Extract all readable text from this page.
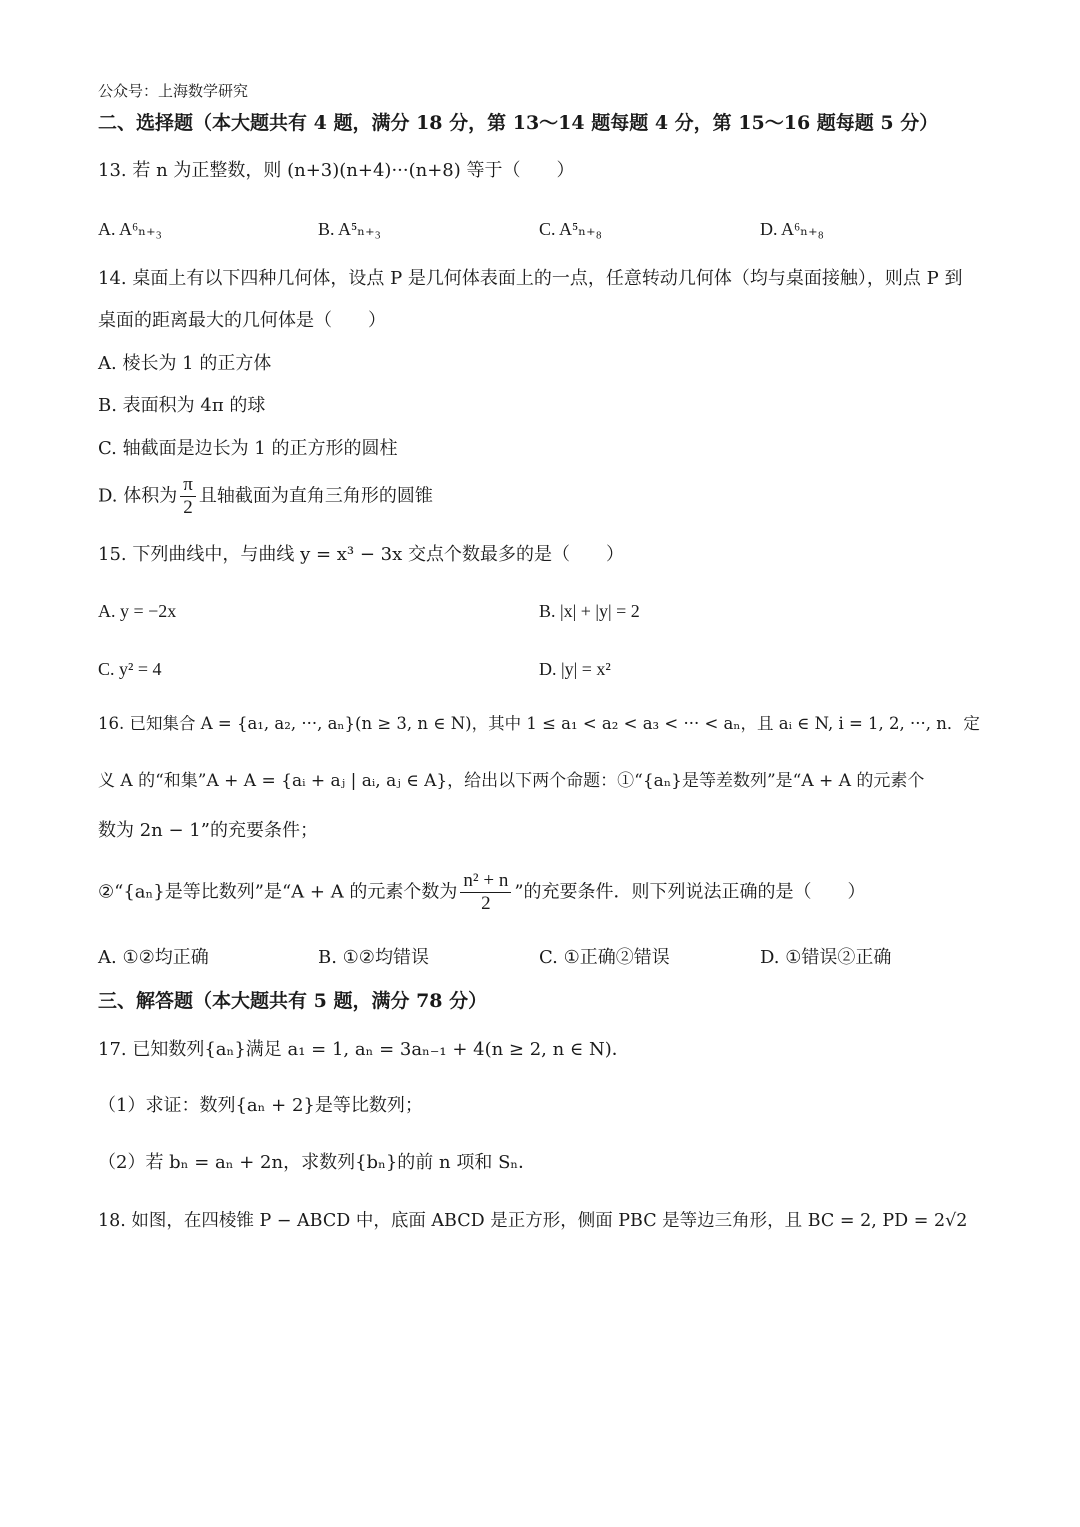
公众号：上海数学研究
二、选择题（本大题共有 4 题，满分 18 分，第 13～14 题每题 4 分，第 15～16 题每题 5 分）
13. 若 n 为正整数，则 (n+3)(n+4)···(n+8) 等于（　　）
A. A⁶ₙ₊₃	B. A⁵ₙ₊₃	C. A⁵ₙ₊₈	D. A⁶ₙ₊₈
14. 桌面上有以下四种几何体，设点 P 是几何体表面上的一点，任意转动几何体（均与桌面接触），则点 P 到
桌面的距离最大的几何体是（　　）
A. 棱长为 1 的正方体
B. 表面积为 4π 的球
C. 轴截面是边长为 1 的正方形的圆柱
D. 体积为 $\frac{\pi}{2}$ 且轴截面为直角三角形的圆锥
15. 下列曲线中，与曲线 y = x³ − 3x 交点个数最多的是（　　）
A. y = −2x	B. |x| + |y| = 2
C. y² = 4	D. |y| = x²
16. 已知集合 A = {a₁, a₂, ···, aₙ}(n ≥ 3, n ∈ N)，其中 1 ≤ a₁ < a₂ < a₃ < ··· < aₙ，且 aᵢ ∈ N, i = 1, 2, ···, n．定
义 A 的“和集”A + A = {aᵢ + aⱼ | aᵢ, aⱼ ∈ A}，给出以下两个命题：①“{aₙ}是等差数列”是“A + A 的元素个
数为 2n − 1”的充要条件；
②“{aₙ}是等比数列”是“A + A 的元素个数为 $\frac{\text{n² + n}}{2}$ ”的充要条件．则下列说法正确的是（　　）
A. ①②均正确	B. ①②均错误	C. ①正确②错误	D. ①错误②正确
三、解答题（本大题共有 5 题，满分 78 分）
17. 已知数列{aₙ}满足 a₁ = 1, aₙ = 3aₙ₋₁ + 4(n ≥ 2, n ∈ N)．
（1）求证：数列{aₙ + 2}是等比数列；
（2）若 bₙ = aₙ + 2n，求数列{bₙ}的前 n 项和 Sₙ．
18. 如图，在四棱锥 P − ABCD 中，底面 ABCD 是正方形，侧面 PBC 是等边三角形，且 BC = 2, PD = 2√2
